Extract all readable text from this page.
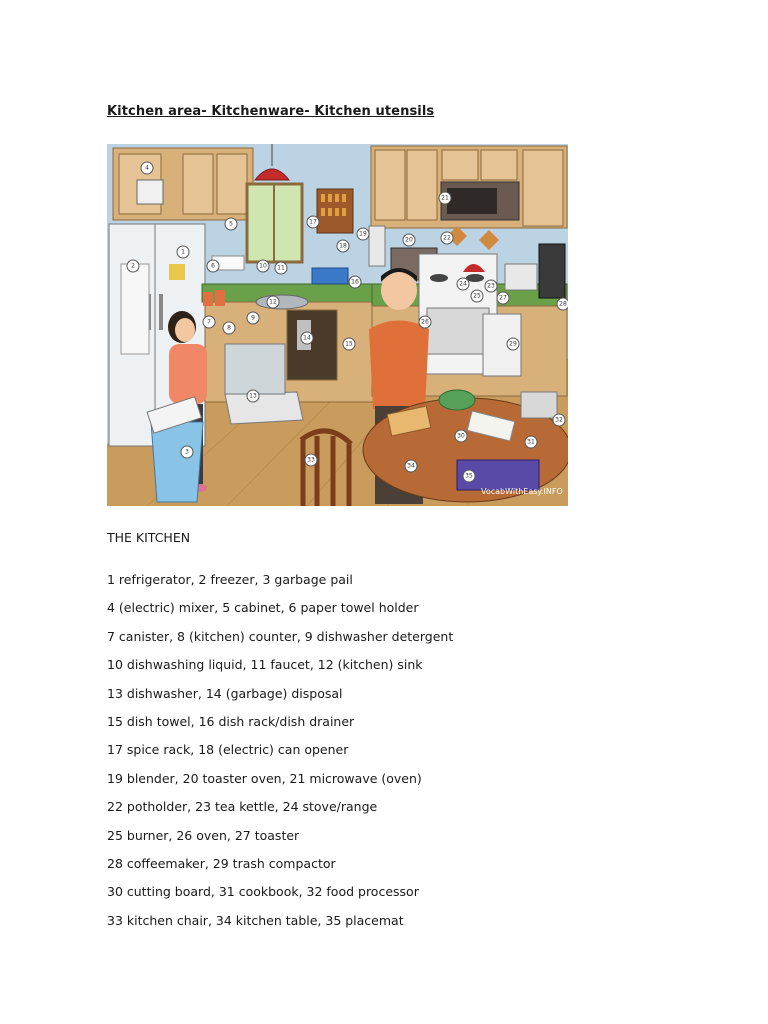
Kitchen area- Kitchenware- Kitchen utensils
1
2
3
4
5
6
7
8
9
10 11
12
13
14
15
16
17
18
19
20
21
22
23
24
25
26
27
28
29
30
31
32
33
34
35
VocabWithEasy.INFO
THE KITCHEN
1 refrigerator, 2 freezer, 3 garbage pail
4 (electric) mixer, 5 cabinet, 6 paper towel holder
7 canister, 8 (kitchen) counter, 9 dishwasher detergent
10 dishwashing liquid, 11 faucet, 12 (kitchen) sink
13 dishwasher, 14 (garbage) disposal
15 dish towel, 16 dish rack/dish drainer
17 spice rack, 18 (electric) can opener
19 blender, 20 toaster oven, 21 microwave (oven)
22 potholder, 23 tea kettle, 24 stove/range
25 burner, 26 oven, 27 toaster
28 coffeemaker, 29 trash compactor
30 cutting board, 31 cookbook, 32 food processor
33 kitchen chair, 34 kitchen table, 35 placemat
